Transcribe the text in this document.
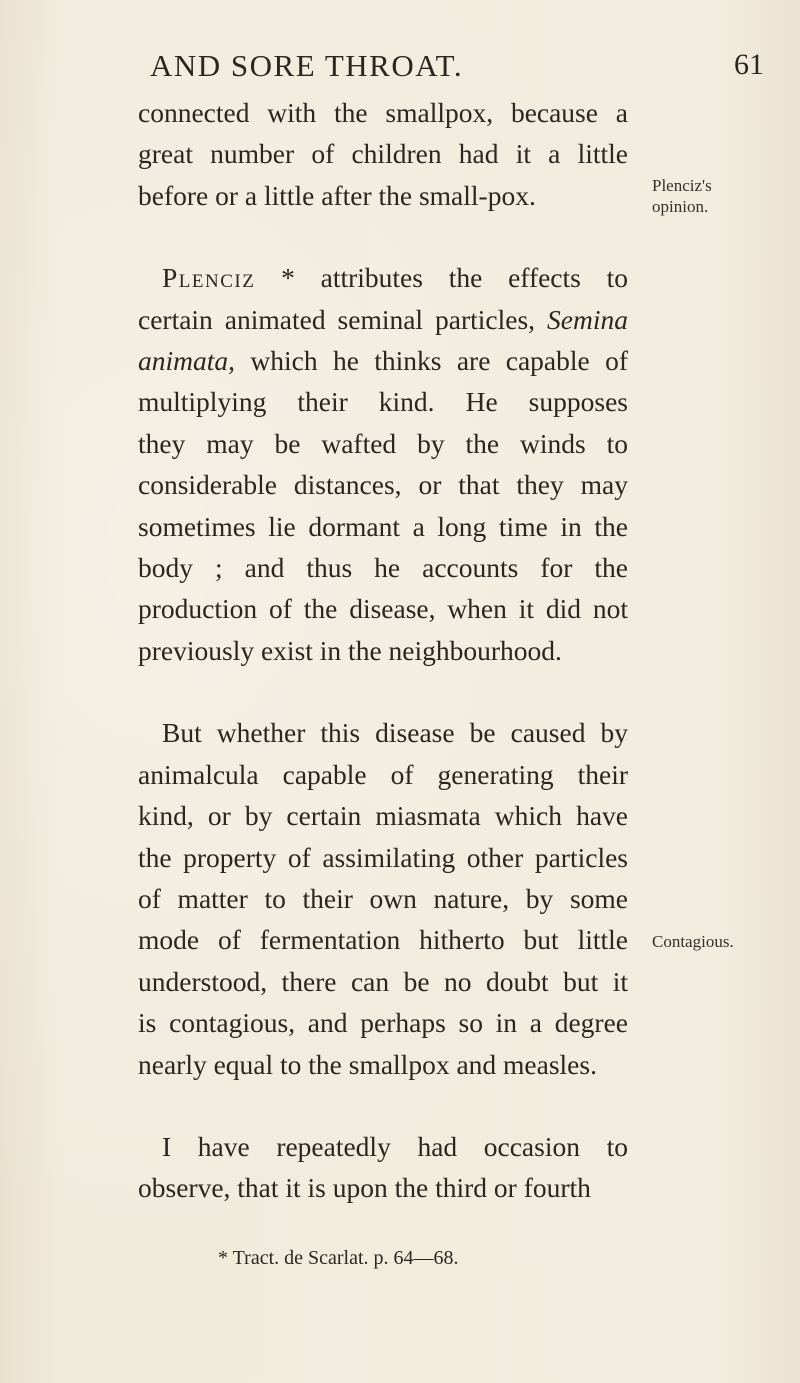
AND SORE THROAT.	61
connected with the smallpox, because a
great number of children had it a little
before or a little after the small-pox.
Plenciz * attributes the effects to
certain animated seminal particles, Semina
animata, which he thinks are capable of
multiplying their kind. He supposes
they may be wafted by the winds to
considerable distances, or that they may
sometimes lie dormant a long time in the
body ; and thus he accounts for the
production of the disease, when it did not
previously exist in the neighbourhood.
But whether this disease be caused by
animalcula capable of generating their
kind, or by certain miasmata which have
the property of assimilating other particles
of matter to their own nature, by some
mode of fermentation hitherto but little
understood, there can be no doubt but it
is contagious, and perhaps so in a degree
nearly equal to the smallpox and measles.
I have repeatedly had occasion to
observe, that it is upon the third or fourth
Plenciz's
opinion.
Contagious.
* Tract. de Scarlat. p. 64—68.
